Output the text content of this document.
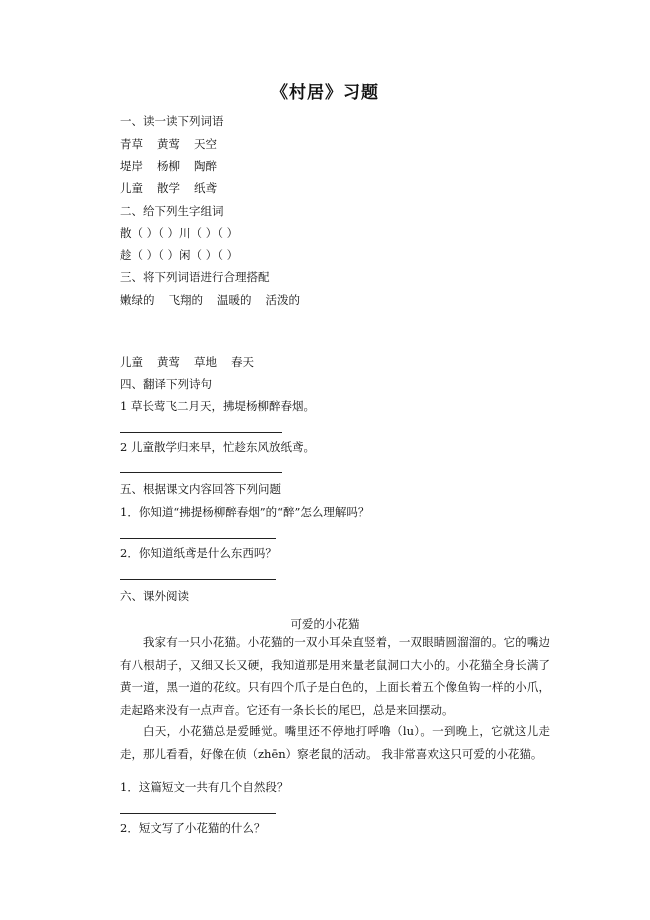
《村居》习题
一、读一读下列词语
青草 黄莺 天空
堤岸 杨柳 陶醉
儿童 散学 纸鸢
二、给下列生字组词
散（ ）（ ）川（ ）（ ）
趁（ ）（ ）闲（ ）（ ）
三、将下列词语进行合理搭配
嫩绿的 飞翔的 温暖的 活泼的
儿童 黄莺 草地 春天
四、翻译下列诗句
1 草长莺飞二月天，拂堤杨柳醉春烟。
2 儿童散学归来早，忙趁东风放纸鸢。
五、根据课文内容回答下列问题
1．你知道“拂提杨柳醉春烟”的“醉”怎么理解吗？
2．你知道纸鸢是什么东西吗？
六、课外阅读
可爱的小花猫
我家有一只小花猫。小花猫的一双小耳朵直竖着，一双眼睛圆溜溜的。它的嘴边有八根胡子，又细又长又硬，我知道那是用来量老鼠洞口大小的。小花猫全身长满了黄一道，黑一道的花纹。只有四个爪子是白色的，上面长着五个像鱼钩一样的小爪，走起路来没有一点声音。它还有一条长长的尾巴，总是来回摆动。
白天，小花猫总是爱睡觉。嘴里还不停地打呼噜（lu）。一到晚上，它就这儿走走，那儿看看，好像在侦（zhēn）察老鼠的活动。 我非常喜欢这只可爱的小花猫。
1．这篇短文一共有几个自然段？
2．短文写了小花猫的什么？
